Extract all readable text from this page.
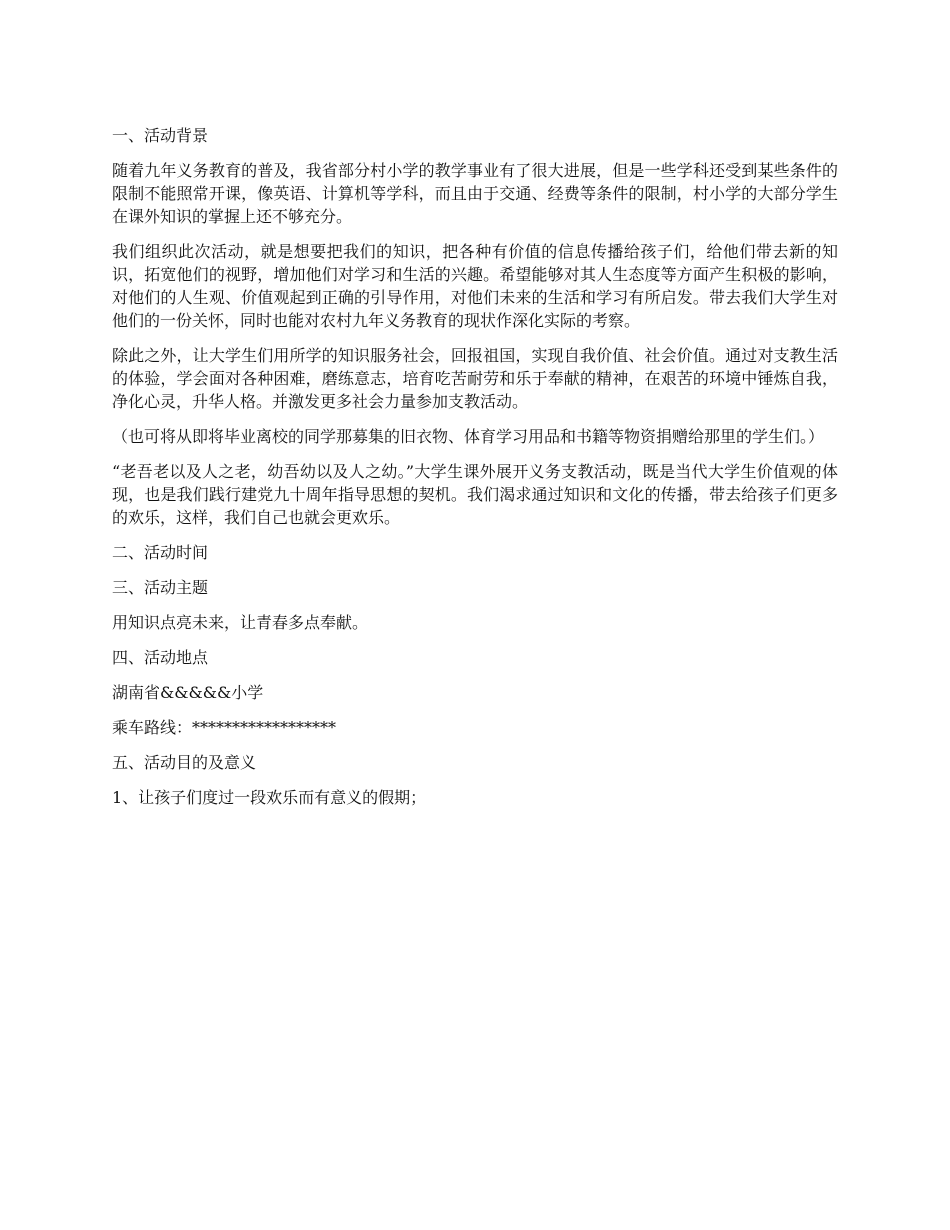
一、活动背景

随着九年义务教育的普及，我省部分村小学的教学事业有了很大进展，但是一些学科还受到某些条件的限制不能照常开课，像英语、计算机等学科，而且由于交通、经费等条件的限制，村小学的大部分学生在课外知识的掌握上还不够充分。

我们组织此次活动，就是想要把我们的知识，把各种有价值的信息传播给孩子们，给他们带去新的知识，拓宽他们的视野，增加他们对学习和生活的兴趣。希望能够对其人生态度等方面产生积极的影响，对他们的人生观、价值观起到正确的引导作用，对他们未来的生活和学习有所启发。带去我们大学生对他们的一份关怀，同时也能对农村九年义务教育的现状作深化实际的考察。

除此之外，让大学生们用所学的知识服务社会，回报祖国，实现自我价值、社会价值。通过对支教生活的体验，学会面对各种困难，磨练意志，培育吃苦耐劳和乐于奉献的精神，在艰苦的环境中锤炼自我，净化心灵，升华人格。并激发更多社会力量参加支教活动。

（也可将从即将毕业离校的同学那募集的旧衣物、体育学习用品和书籍等物资捐赠给那里的学生们。）

“老吾老以及人之老，幼吾幼以及人之幼。”大学生课外展开义务支教活动，既是当代大学生价值观的体现，也是我们践行建党九十周年指导思想的契机。我们渴求通过知识和文化的传播，带去给孩子们更多的欢乐，这样，我们自己也就会更欢乐。

二、活动时间

三、活动主题

用知识点亮未来，让青春多点奉献。

四、活动地点

湖南省&&&&&小学

乘车路线：******************

五、活动目的及意义

1、让孩子们度过一段欢乐而有意义的假期；
